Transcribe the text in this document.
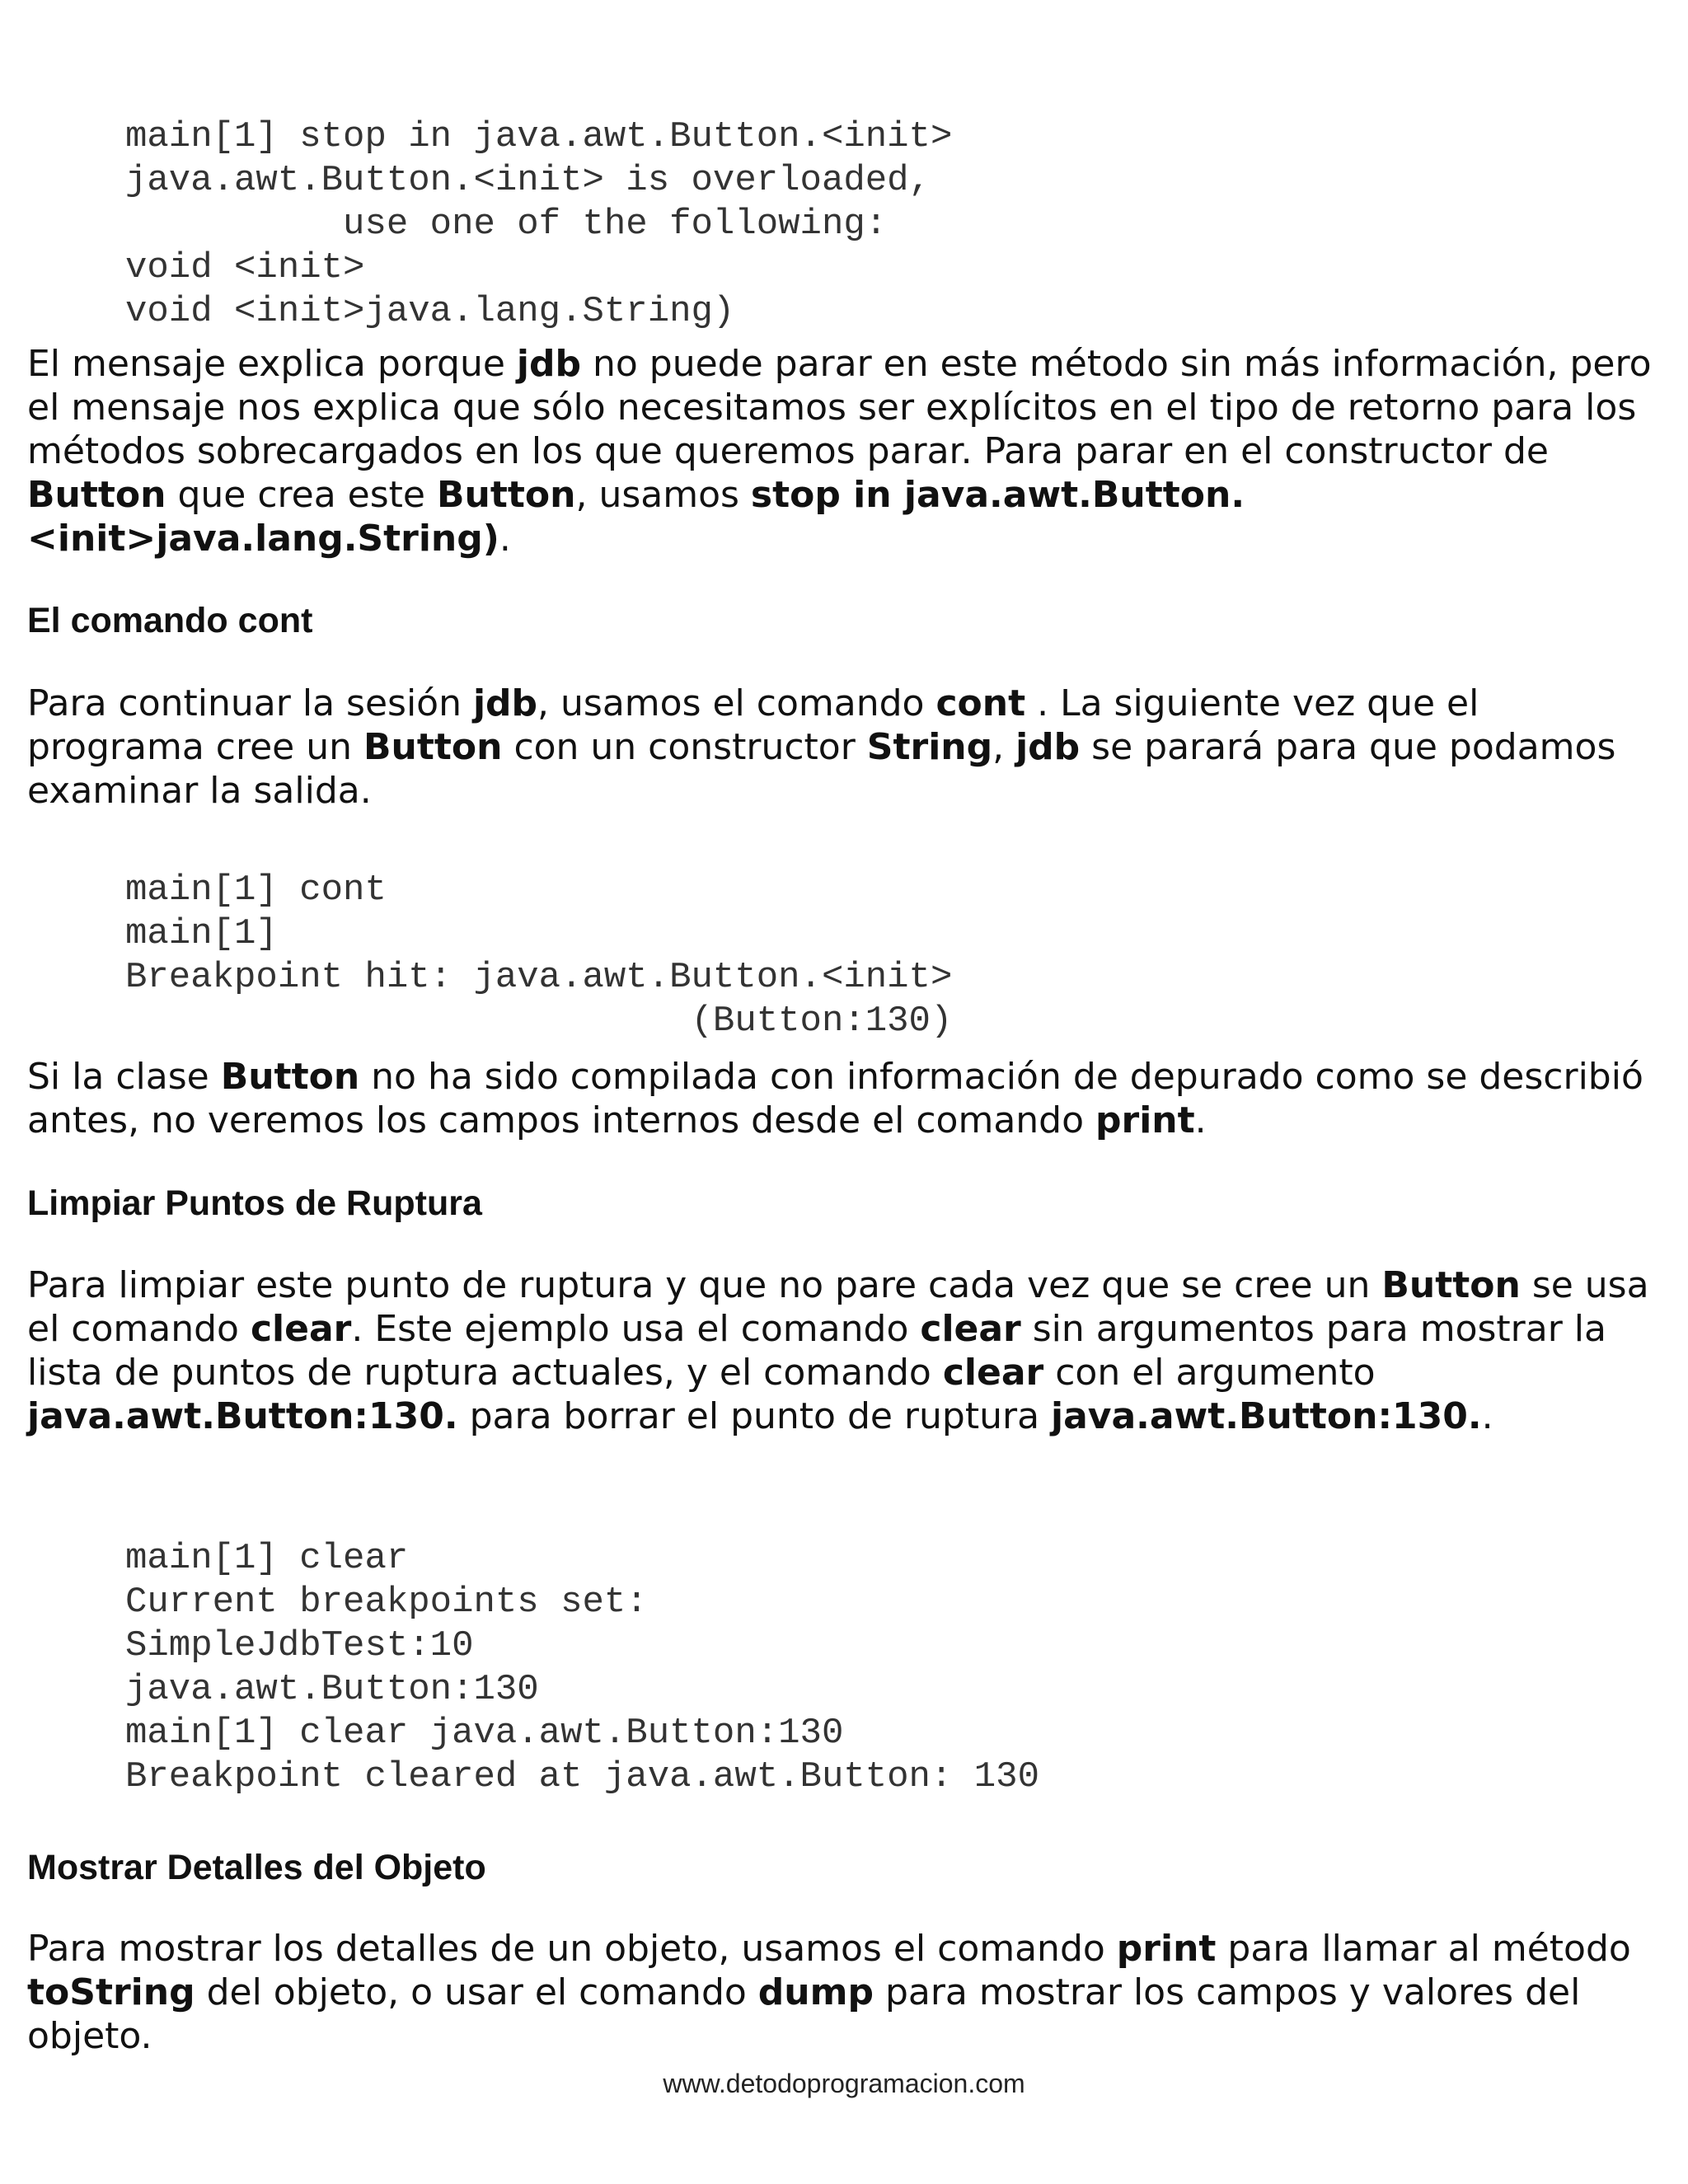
main[1] stop in java.awt.Button.<init>
java.awt.Button.<init> is overloaded,
use one of the following:
void <init>
void <init>java.lang.String)

El mensaje explica porque jdb no puede parar en este método sin más información, pero el mensaje nos explica que sólo necesitamos ser explícitos en el tipo de retorno para los métodos sobrecargados en los que queremos parar. Para parar en el constructor de Button que crea este Button, usamos stop in java.awt.Button.<init>java.lang.String).

El comando cont

Para continuar la sesión jdb, usamos el comando cont . La siguiente vez que el programa cree un Button con un constructor String, jdb se parará para que podamos examinar la salida.

main[1] cont
main[1]
Breakpoint hit: java.awt.Button.<init>
(Button:130)

Si la clase Button no ha sido compilada con información de depurado como se describió antes, no veremos los campos internos desde el comando print.

Limpiar Puntos de Ruptura

Para limpiar este punto de ruptura y que no pare cada vez que se cree un Button se usa el comando clear. Este ejemplo usa el comando clear sin argumentos para mostrar la lista de puntos de ruptura actuales, y el comando clear con el argumento java.awt.Button:130. para borrar el punto de ruptura java.awt.Button:130..

main[1] clear
Current breakpoints set:
SimpleJdbTest:10
java.awt.Button:130
main[1] clear java.awt.Button:130
Breakpoint cleared at java.awt.Button: 130
Mostrar Detalles del Objeto

Para mostrar los detalles de un objeto, usamos el comando print para llamar al método toString del objeto, o usar el comando dump para mostrar los campos y valores del objeto.

www.detodoprogramacion.com
